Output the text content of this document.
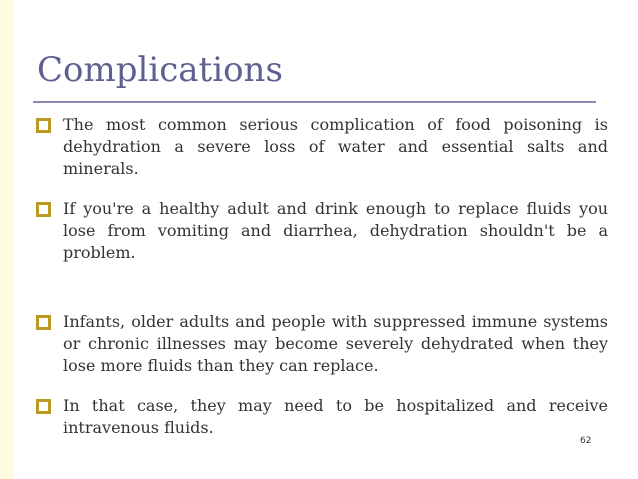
Complications
The most common serious complication of food poisoning is dehydration a severe loss of water and essential salts and minerals.
If you're a healthy adult and drink enough to replace fluids you lose from vomiting and diarrhea, dehydration shouldn't be a problem.
Infants, older adults and people with suppressed immune systems or chronic illnesses may become severely dehydrated when they lose more fluids than they can replace.
In that case, they may need to be hospitalized and receive intravenous fluids.
62
